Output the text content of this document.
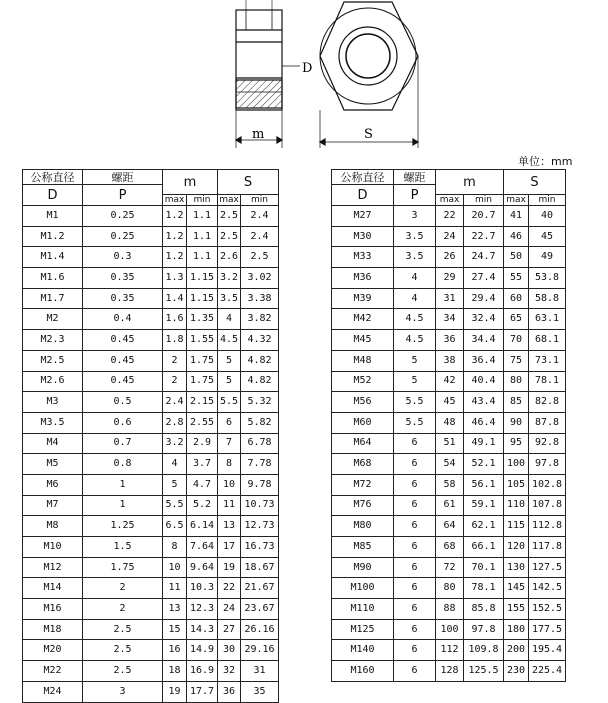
D
m	S
单位：mm
公称直径	螺距	m		S	
D	P				
		max	min	max	min
M1	0.25	1.2	1.1	2.5	2.4
M1.2	0.25	1.2	1.1	2.5	2.4
M1.4	0.3	1.2	1.1	2.6	2.5
M1.6	0.35	1.3	1.15	3.2	3.02
M1.7	0.35	1.4	1.15	3.5	3.38
M2	0.4	1.6	1.35	4	3.82
M2.3	0.45	1.8	1.55	4.5	4.32
M2.5	0.45	2	1.75	5	4.82
M2.6	0.45	2	1.75	5	4.82
M3	0.5	2.4	2.15	5.5	5.32
M3.5	0.6	2.8	2.55	6	5.82
M4	0.7	3.2	2.9	7	6.78
M5	0.8	4	3.7	8	7.78
M6	1	5	4.7	10	9.78
M7	1	5.5	5.2	11	10.73
M8	1.25	6.5	6.14	13	12.73
M10	1.5	8	7.64	17	16.73
M12	1.75	10	9.64	19	18.67
M14	2	11	10.3	22	21.67
M16	2	13	12.3	24	23.67
M18	2.5	15	14.3	27	26.16
M20	2.5	16	14.9	30	29.16
M22	2.5	18	16.9	32	31
M24	3	19	17.7	36	35
公称直径	螺距	m		S	
D	P				
		max	min	max	min
M27	3	22	20.7	41	40
M30	3.5	24	22.7	46	45
M33	3.5	26	24.7	50	49
M36	4	29	27.4	55	53.8
M39	4	31	29.4	60	58.8
M42	4.5	34	32.4	65	63.1
M45	4.5	36	34.4	70	68.1
M48	5	38	36.4	75	73.1
M52	5	42	40.4	80	78.1
M56	5.5	45	43.4	85	82.8
M60	5.5	48	46.4	90	87.8
M64	6	51	49.1	95	92.8
M68	6	54	52.1	100	97.8
M72	6	58	56.1	105	102.8
M76	6	61	59.1	110	107.8
M80	6	64	62.1	115	112.8
M85	6	68	66.1	120	117.8
M90	6	72	70.1	130	127.5
M100	6	80	78.1	145	142.5
M110	6	88	85.8	155	152.5
M125	6	100	97.8	180	177.5
M140	6	112	109.8	200	195.4
M160	6	128	125.5	230	225.4
